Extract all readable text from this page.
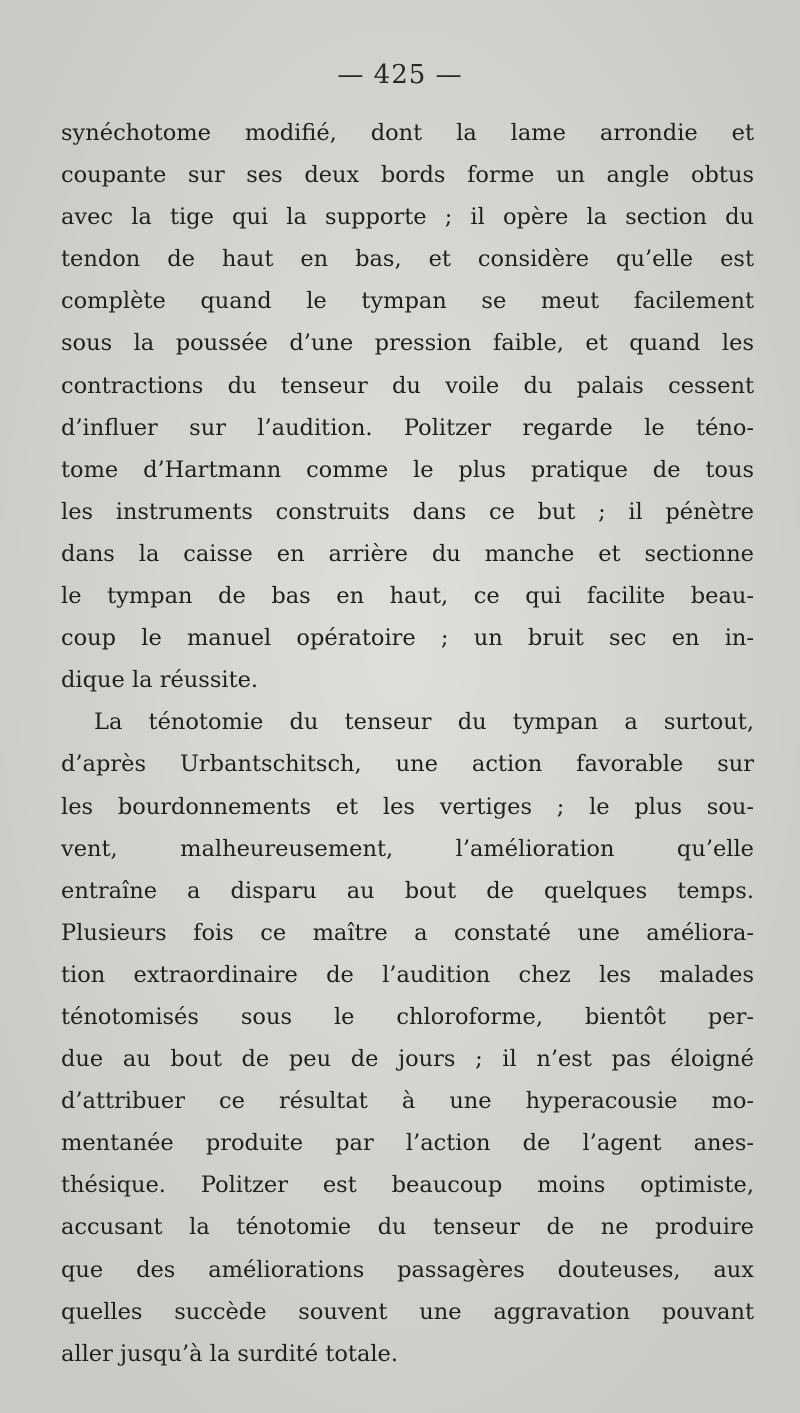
— 425 —
synéchotome modifié, dont la lame arrondie et
coupante sur ses deux bords forme un angle obtus
avec la tige qui la supporte ; il opère la section du
tendon de haut en bas, et considère qu’elle est
complète quand le tympan se meut facilement
sous la poussée d’une pression faible, et quand les
contractions du tenseur du voile du palais cessent
d’influer sur l’audition. Politzer regarde le téno-
tome d’Hartmann comme le plus pratique de tous
les instruments construits dans ce but ; il pénètre
dans la caisse en arrière du manche et sectionne
le tympan de bas en haut, ce qui facilite beau-
coup le manuel opératoire ; un bruit sec en in-
dique la réussite.
La ténotomie du tenseur du tympan a surtout,
d’après Urbantschitsch, une action favorable sur
les bourdonnements et les vertiges ; le plus sou-
vent, malheureusement, l’amélioration qu’elle
entraîne a disparu au bout de quelques temps.
Plusieurs fois ce maître a constaté une améliora-
tion extraordinaire de l’audition chez les malades
ténotomisés sous le chloroforme, bientôt per-
due au bout de peu de jours ; il n’est pas éloigné
d’attribuer ce résultat à une hyperacousie mo-
mentanée produite par l’action de l’agent anes-
thésique. Politzer est beaucoup moins optimiste,
accusant la ténotomie du tenseur de ne produire
que des améliorations passagères douteuses, aux
quelles succède souvent une aggravation pouvant
aller jusqu’à la surdité totale.
